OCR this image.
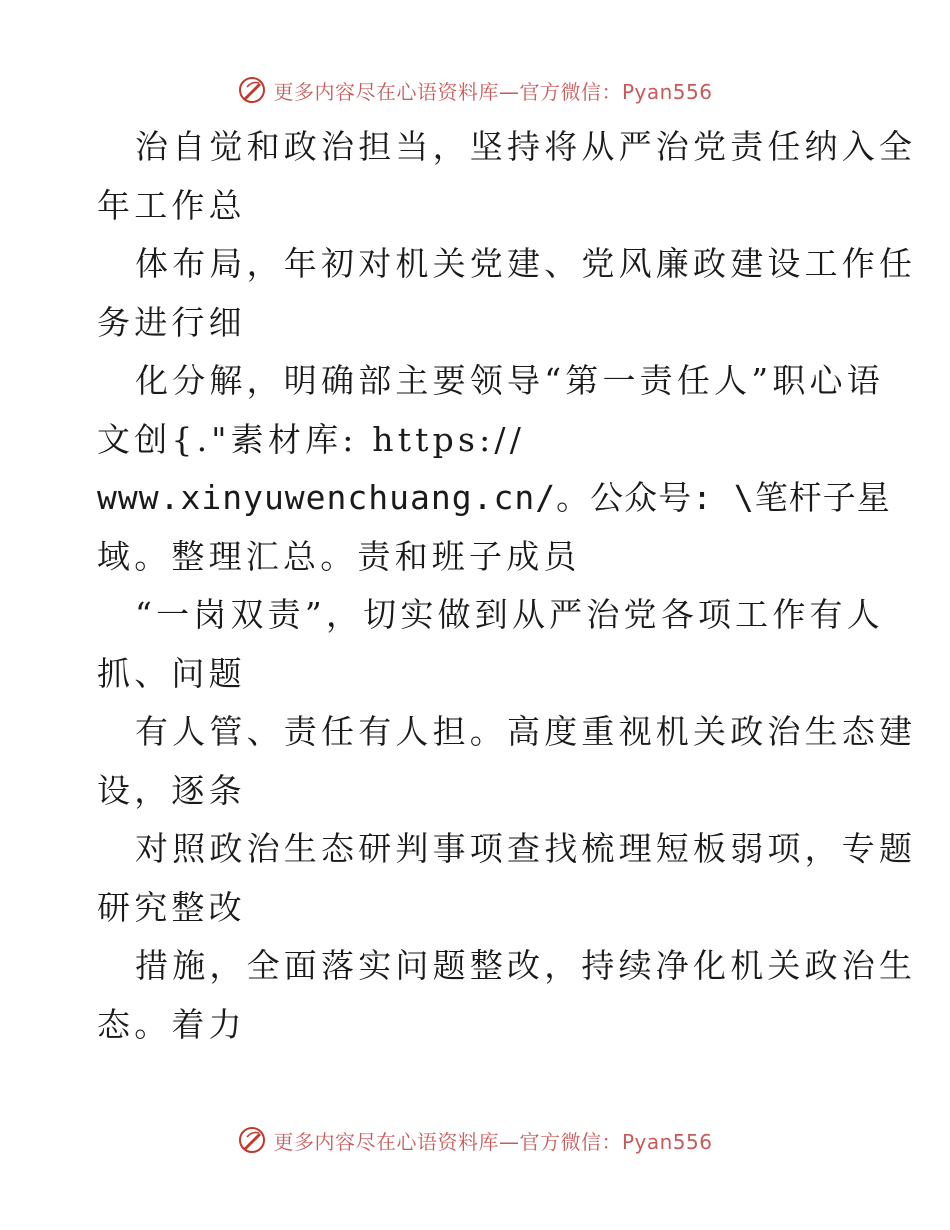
更多内容尽在心语资料库—官方微信：Pyan556
治自觉和政治担当，坚持将从严治党责任纳入全
年工作总
体布局，年初对机关党建、党风廉政建设工作任
务进行细
化分解，明确部主要领导“第一责任人”职心语
文创{."素材库: https://
www.xinyuwenchuang.cn/。公众号: \笔杆子星
域。整理汇总。责和班子成员
“一岗双责”，切实做到从严治党各项工作有人
抓、问题
有人管、责任有人担。高度重视机关政治生态建
设，逐条
对照政治生态研判事项查找梳理短板弱项，专题
研究整改
措施，全面落实问题整改，持续净化机关政治生
态。着力
更多内容尽在心语资料库—官方微信：Pyan556
